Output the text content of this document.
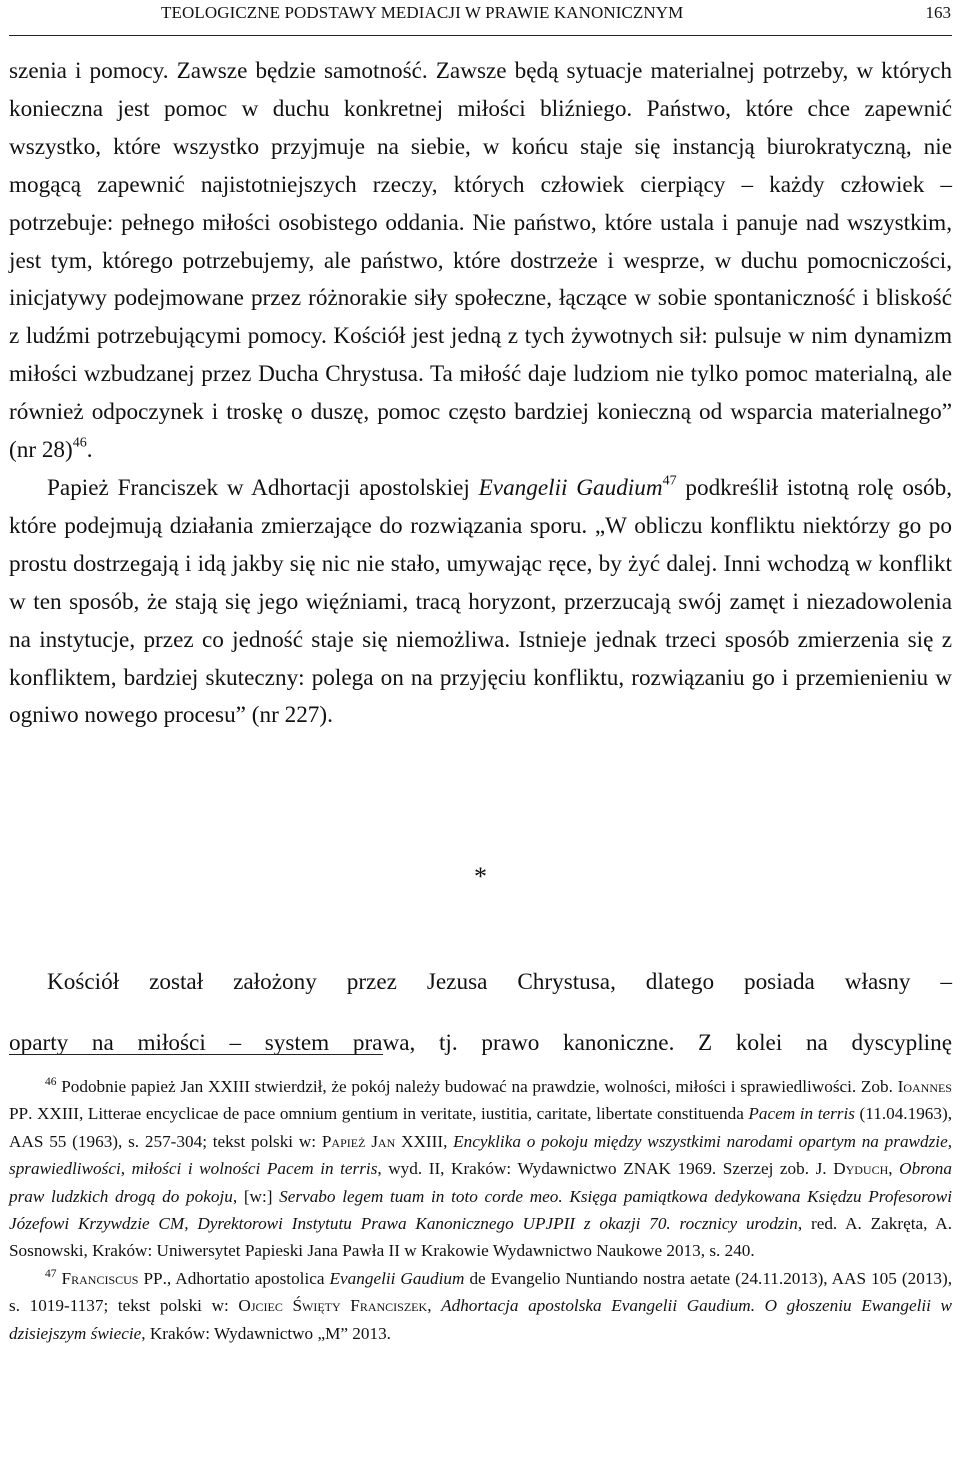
TEOLOGICZNE PODSTAWY MEDIACJI W PRAWIE KANONICZNYM	163

szenia i pomocy. Zawsze będzie samotność. Zawsze będą sytuacje materialnej potrzeby, w których konieczna jest pomoc w duchu konkretnej miłości bliźniego. Państwo, które chce zapewnić wszystko, które wszystko przyjmuje na siebie, w końcu staje się instancją biurokratyczną, nie mogącą zapewnić najistotniejszych rzeczy, których człowiek cierpiący – każdy człowiek – potrzebuje: pełnego miłości osobistego oddania. Nie państwo, które ustala i panuje nad wszystkim, jest tym, którego potrzebujemy, ale państwo, które dostrzeże i wesprze, w duchu pomocniczości, inicjatywy podejmowane przez różnorakie siły społeczne, łączące w sobie spontaniczność i bliskość z ludźmi potrzebującymi pomocy. Kościół jest jedną z tych żywotnych sił: pulsuje w nim dynamizm miłości wzbudzanej przez Ducha Chrystusa. Ta miłość daje ludziom nie tylko pomoc materialną, ale również odpoczynek i troskę o duszę, pomoc często bardziej konieczną od wsparcia materialnego” (nr 28)$^{46}$.

Papież Franciszek w Adhortacji apostolskiej Evangelii Gaudium$^{47}$ podkreślił istotną rolę osób, które podejmują działania zmierzające do rozwiązania sporu. „W obliczu konfliktu niektórzy go po prostu dostrzegają i idą jakby się nic nie stało, umywając ręce, by żyć dalej. Inni wchodzą w konflikt w ten sposób, że stają się jego więźniami, tracą horyzont, przerzucają swój zamęt i niezadowolenia na instytucje, przez co jedność staje się niemożliwa. Istnieje jednak trzeci sposób zmierzenia się z konfliktem, bardziej skuteczny: polega on na przyjęciu konfliktu, rozwiązaniu go i przemienieniu w ogniwo nowego procesu” (nr 227).

*

Kościół został założony przez Jezusa Chrystusa, dlatego posiada własny –

oparty na miłości – system prawa, tj. prawo kanoniczne. Z kolei na dyscyplinę

$^{46}$ Podobnie papież Jan XXIII stwierdził, że pokój należy budować na prawdzie, wolności, miłości i sprawiedliwości. Zob. Ioannes PP. XXIII, Litterae encyclicae de pace omnium gentium in veritate, iustitia, caritate, libertate constituenda Pacem in terris (11.04.1963), AAS 55 (1963), s. 257-304; tekst polski w: Papież Jan XXIII, Encyklika o pokoju między wszystkimi narodami opartym na prawdzie, sprawiedliwości, miłości i wolności Pacem in terris, wyd. II, Kraków: Wydawnictwo ZNAK 1969. Szerzej zob. J. Dyduch, Obrona praw ludzkich drogą do pokoju, [w:] Servabo legem tuam in toto corde meo. Księga pamiątkowa dedykowana Księdzu Profesorowi Józefowi Krzywdzie CM, Dyrektorowi Instytutu Prawa Kanonicznego UPJPII z okazji 70. rocznicy urodzin, red. A. Zakręta, A. Sosnowski, Kraków: Uniwersytet Papieski Jana Pawła II w Krakowie Wydawnictwo Naukowe 2013, s. 240.

$^{47}$ Franciscus PP., Adhortatio apostolica Evangelii Gaudium de Evangelio Nuntiando nostra aetate (24.11.2013), AAS 105 (2013), s. 1019-1137; tekst polski w: Ojciec Święty Franciszek, Adhortacja apostolska Evangelii Gaudium. O głoszeniu Ewangelii w dzisiejszym świecie, Kraków: Wydawnictwo „M” 2013.
